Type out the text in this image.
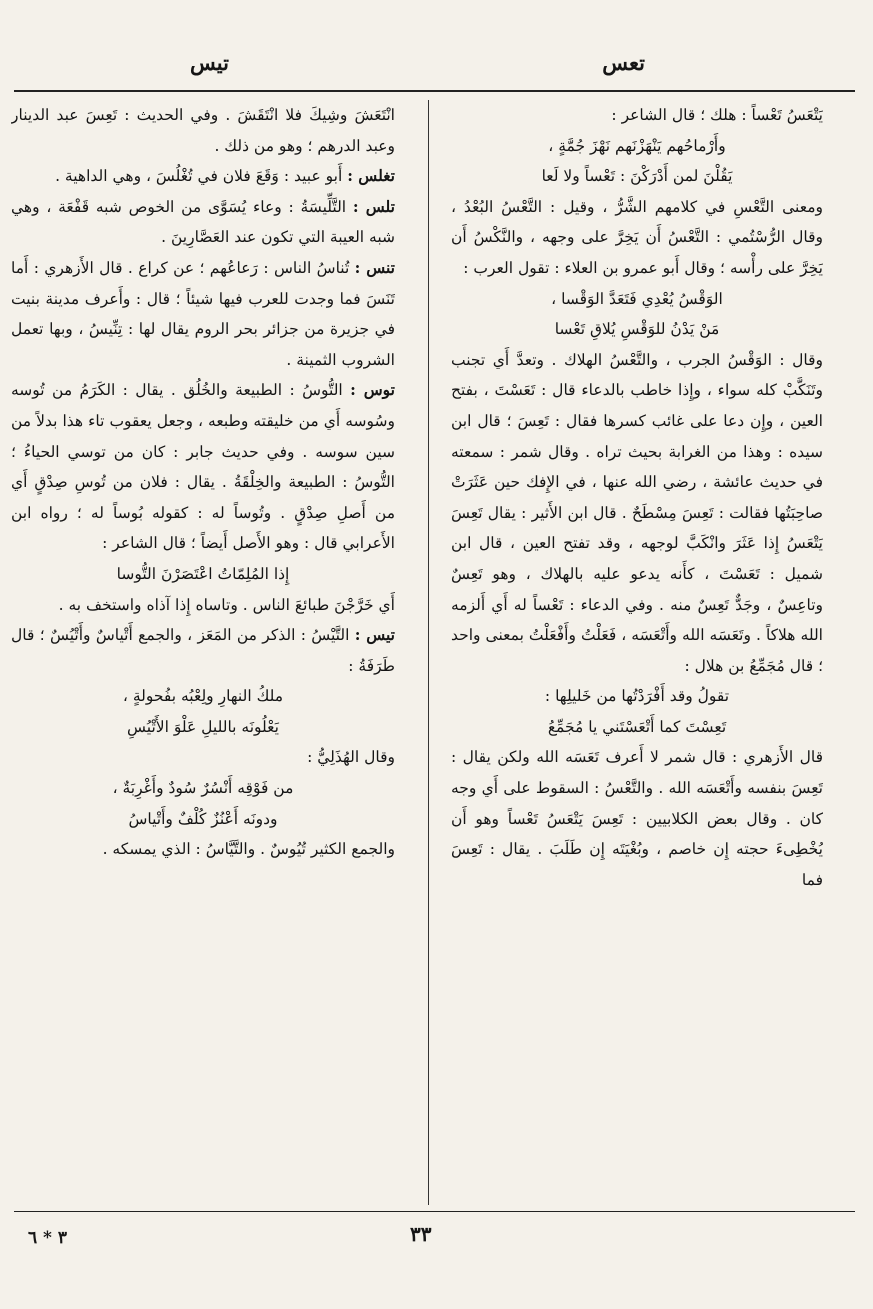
تعس
تيس

يَتْعَسُ تَعْساً : هلك ؛ قال الشاعر :

وأَرْماحُهم يَنْهَزْنَهم نَهْزَ جُمَّةٍ ،

يَقُلْنَ لمن أَدْرَكْنَ : تَعْساً ولا لَعا

ومعنى التَّعْسِ في كلامهم الشَّرُّ ، وقيل : التَّعْسُ البُعْدُ ، وقال الرُّسْتُمي : التَّعْسُ أَن يَخِرَّ على وجهه ، والنَّكْسُ أَن يَخِرَّ على رأْسه ؛ وقال أَبو عمرو بن العلاء : تقول العرب :

الوَقْسُ يُعْدِي فَتَعَدَّ الوَقْسا ،

مَنْ يَدْنُ للوَقْسِ يُلاقِ تَعْسا

وقال : الوَقْسُ الجرب ، والتَّعْسُ الهلاك . وتعدَّ أَي تجنب وتَنَكَّبْ كله سواء ، وإِذا خاطب بالدعاء قال : تَعَسْتَ ، بفتح العين ، وإِن دعا على غائب كسرها فقال : تَعِسَ ؛ قال ابن سيده : وهذا من الغرابة بحيث تراه . وقال شمر : سمعته في حديث عائشة ، رضي الله عنها ، في الإِفك حين عَثَرَتْ صاحِبَتُها فقالت : تَعِسَ مِسْطَحٌ . قال ابن الأَثير : يقال تَعِسَ يَتْعَسُ إِذا عَثَرَ وانْكَبَّ لوجهه ، وقد تفتح العين ، قال ابن شميل : تَعَسْتَ ، كأَنه يدعو عليه بالهلاك ، وهو تَعِسٌ وتاعِسٌ ، وجَدٌّ تَعِسٌ منه . وفي الدعاء : تَعْساً له أَي أَلزمه الله هلاكاً . وتَعَسَه الله وأَتْعَسَه ، فَعَلْتُ وأَفْعَلْتُ بمعنى واحد ؛ قال مُجَمِّعُ بن هلال :

تقولُ وقد أَفْرَدْتُها من خَليلِها :

تَعِسْتَ كما أَتْعَسْتَني يا مُجَمِّعُ

قال الأَزهري : قال شمر لا أَعرف تَعَسَه الله ولكن يقال : تَعِسَ بنفسه وأَتْعَسَه الله . والتَّعْسُ : السقوط على أَي وجه كان . وقال بعض الكلابيين : تَعِسَ يَتْعَسُ تَعْساً وهو أَن يُخْطِىءَ حجته إِن خاصم ، وبُغْيَتَه إِن طَلَبَ . يقال : تَعِسَ فما

انْتَعَشَ وشِيكَ فلا انْتَقَشَ . وفي الحديث : تَعِسَ عبد الدينار وعبد الدرهم ؛ وهو من ذلك .

تغلس : أَبو عبيد : وَقَعَ فلان في تُغْلُسَ ، وهي الداهية .

تلس : التَّلِّيسَةُ : وعاء يُسَوَّى من الخوص شبه قَفْعَة ، وهي شبه العيبة التي تكون عند العَصَّارِينَ .

تنس : تُناسُ الناس : رَعاعُهم ؛ عن كراع . قال الأَزهري : أَما تَنَسَ فما وجدت للعرب فيها شيئاً ؛ قال : وأَعرف مدينة بنيت في جزيرة من جزائر بحر الروم يقال لها : تِنِّيسُ ، وبها تعمل الشروب الثمينة .

توس : التُّوسُ : الطبيعة والخُلُق . يقال : الكَرَمُ من تُوسه وسُوسه أَي من خليقته وطبعه ، وجعل يعقوب تاء هذا بدلاً من سين سوسه . وفي حديث جابر : كان من توسي الحياءُ ؛ التُّوسُ : الطبيعة والخِلْقَةُ . يقال : فلان من تُوسِ صِدْقٍ أَي من أَصلِ صِدْقٍ . وتُوساً له : كقوله بُوساً له ؛ رواه ابن الأَعرابي قال : وهو الأَصل أَيضاً ؛ قال الشاعر :

إِذا المُلِمّاتُ اعْتَصَرْنَ التُّوسا

أَي خَرَّجْنَ طبائعَ الناس . وتاساه إِذا آذاه واستخف به .

تيس : التَّيْسُ : الذكر من المَعَز ، والجمع أَتْياسٌ وأَتْيُسٌ ؛ قال طَرَفَةُ :

ملكُ النهارِ ولِعْبُه بفُحولةٍ ،

يَعْلُونَه بالليلِ عَلْوَ الأَتْيُسِ

وقال الهُذَلِيُّ :

من فَوْقِه أَنْسُرٌ سُودٌ وأَغْرِبَةٌ ،

ودونَه أَعْنُزٌ كُلْفٌ وأَتْياسُ

والجمع الكثير تُيُوسٌ . والتَّيَّاسُ : الذي يمسكه .

٣٣
٣ * ٦
